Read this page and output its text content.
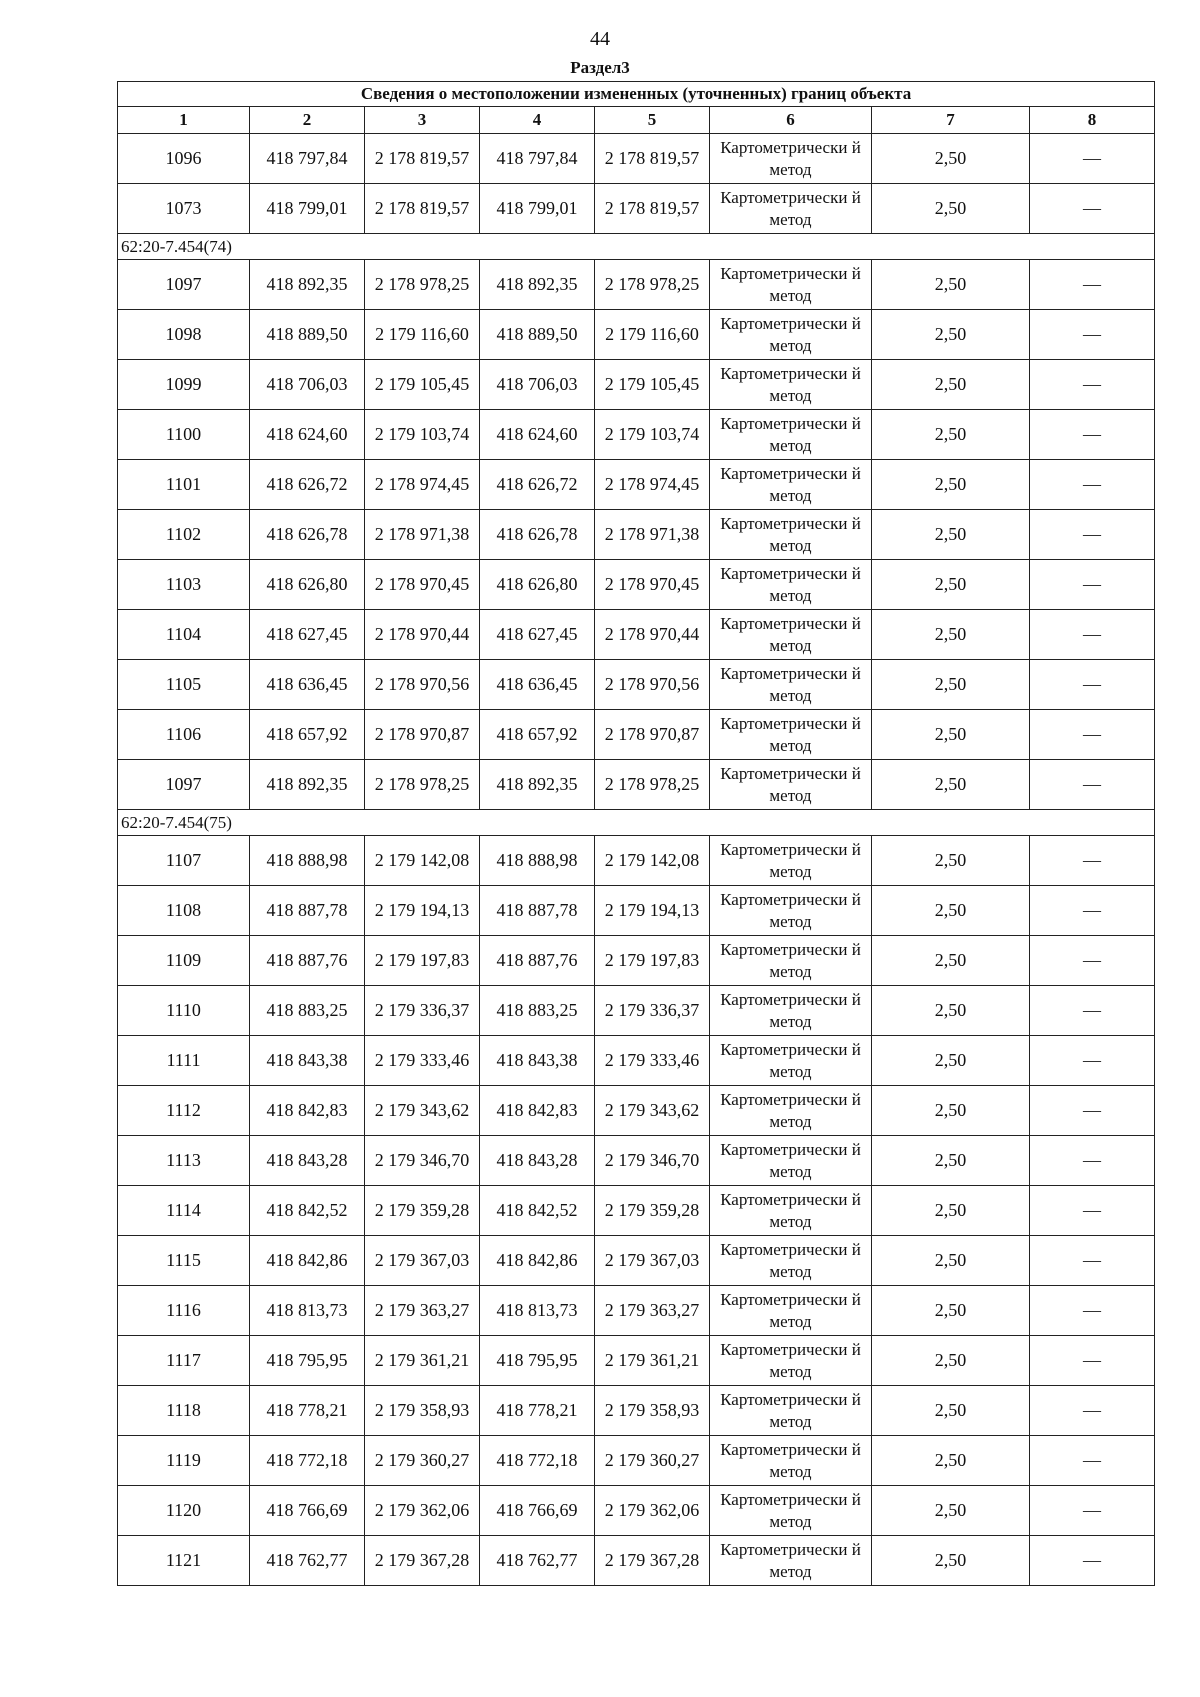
44
Раздел3
Сведения о местоположении измененных (уточненных) границ объекта							
1	2	3	4	5	6	7	8
1096	418 797,84	2 178 819,57	418 797,84	2 178 819,57	Картометрически й метод	2,50	—
1073	418 799,01	2 178 819,57	418 799,01	2 178 819,57	Картометрически й метод	2,50	—
62:20-7.454(74)							
1097	418 892,35	2 178 978,25	418 892,35	2 178 978,25	Картометрически й метод	2,50	—
1098	418 889,50	2 179 116,60	418 889,50	2 179 116,60	Картометрически й метод	2,50	—
1099	418 706,03	2 179 105,45	418 706,03	2 179 105,45	Картометрически й метод	2,50	—
1100	418 624,60	2 179 103,74	418 624,60	2 179 103,74	Картометрически й метод	2,50	—
1101	418 626,72	2 178 974,45	418 626,72	2 178 974,45	Картометрически й метод	2,50	—
1102	418 626,78	2 178 971,38	418 626,78	2 178 971,38	Картометрически й метод	2,50	—
1103	418 626,80	2 178 970,45	418 626,80	2 178 970,45	Картометрически й метод	2,50	—
1104	418 627,45	2 178 970,44	418 627,45	2 178 970,44	Картометрически й метод	2,50	—
1105	418 636,45	2 178 970,56	418 636,45	2 178 970,56	Картометрически й метод	2,50	—
1106	418 657,92	2 178 970,87	418 657,92	2 178 970,87	Картометрически й метод	2,50	—
1097	418 892,35	2 178 978,25	418 892,35	2 178 978,25	Картометрически й метод	2,50	—
62:20-7.454(75)							
1107	418 888,98	2 179 142,08	418 888,98	2 179 142,08	Картометрически й метод	2,50	—
1108	418 887,78	2 179 194,13	418 887,78	2 179 194,13	Картометрически й метод	2,50	—
1109	418 887,76	2 179 197,83	418 887,76	2 179 197,83	Картометрически й метод	2,50	—
1110	418 883,25	2 179 336,37	418 883,25	2 179 336,37	Картометрически й метод	2,50	—
1111	418 843,38	2 179 333,46	418 843,38	2 179 333,46	Картометрически й метод	2,50	—
1112	418 842,83	2 179 343,62	418 842,83	2 179 343,62	Картометрически й метод	2,50	—
1113	418 843,28	2 179 346,70	418 843,28	2 179 346,70	Картометрически й метод	2,50	—
1114	418 842,52	2 179 359,28	418 842,52	2 179 359,28	Картометрически й метод	2,50	—
1115	418 842,86	2 179 367,03	418 842,86	2 179 367,03	Картометрически й метод	2,50	—
1116	418 813,73	2 179 363,27	418 813,73	2 179 363,27	Картометрически й метод	2,50	—
1117	418 795,95	2 179 361,21	418 795,95	2 179 361,21	Картометрически й метод	2,50	—
1118	418 778,21	2 179 358,93	418 778,21	2 179 358,93	Картометрически й метод	2,50	—
1119	418 772,18	2 179 360,27	418 772,18	2 179 360,27	Картометрически й метод	2,50	—
1120	418 766,69	2 179 362,06	418 766,69	2 179 362,06	Картометрически й метод	2,50	—
1121	418 762,77	2 179 367,28	418 762,77	2 179 367,28	Картометрически й метод	2,50	—
